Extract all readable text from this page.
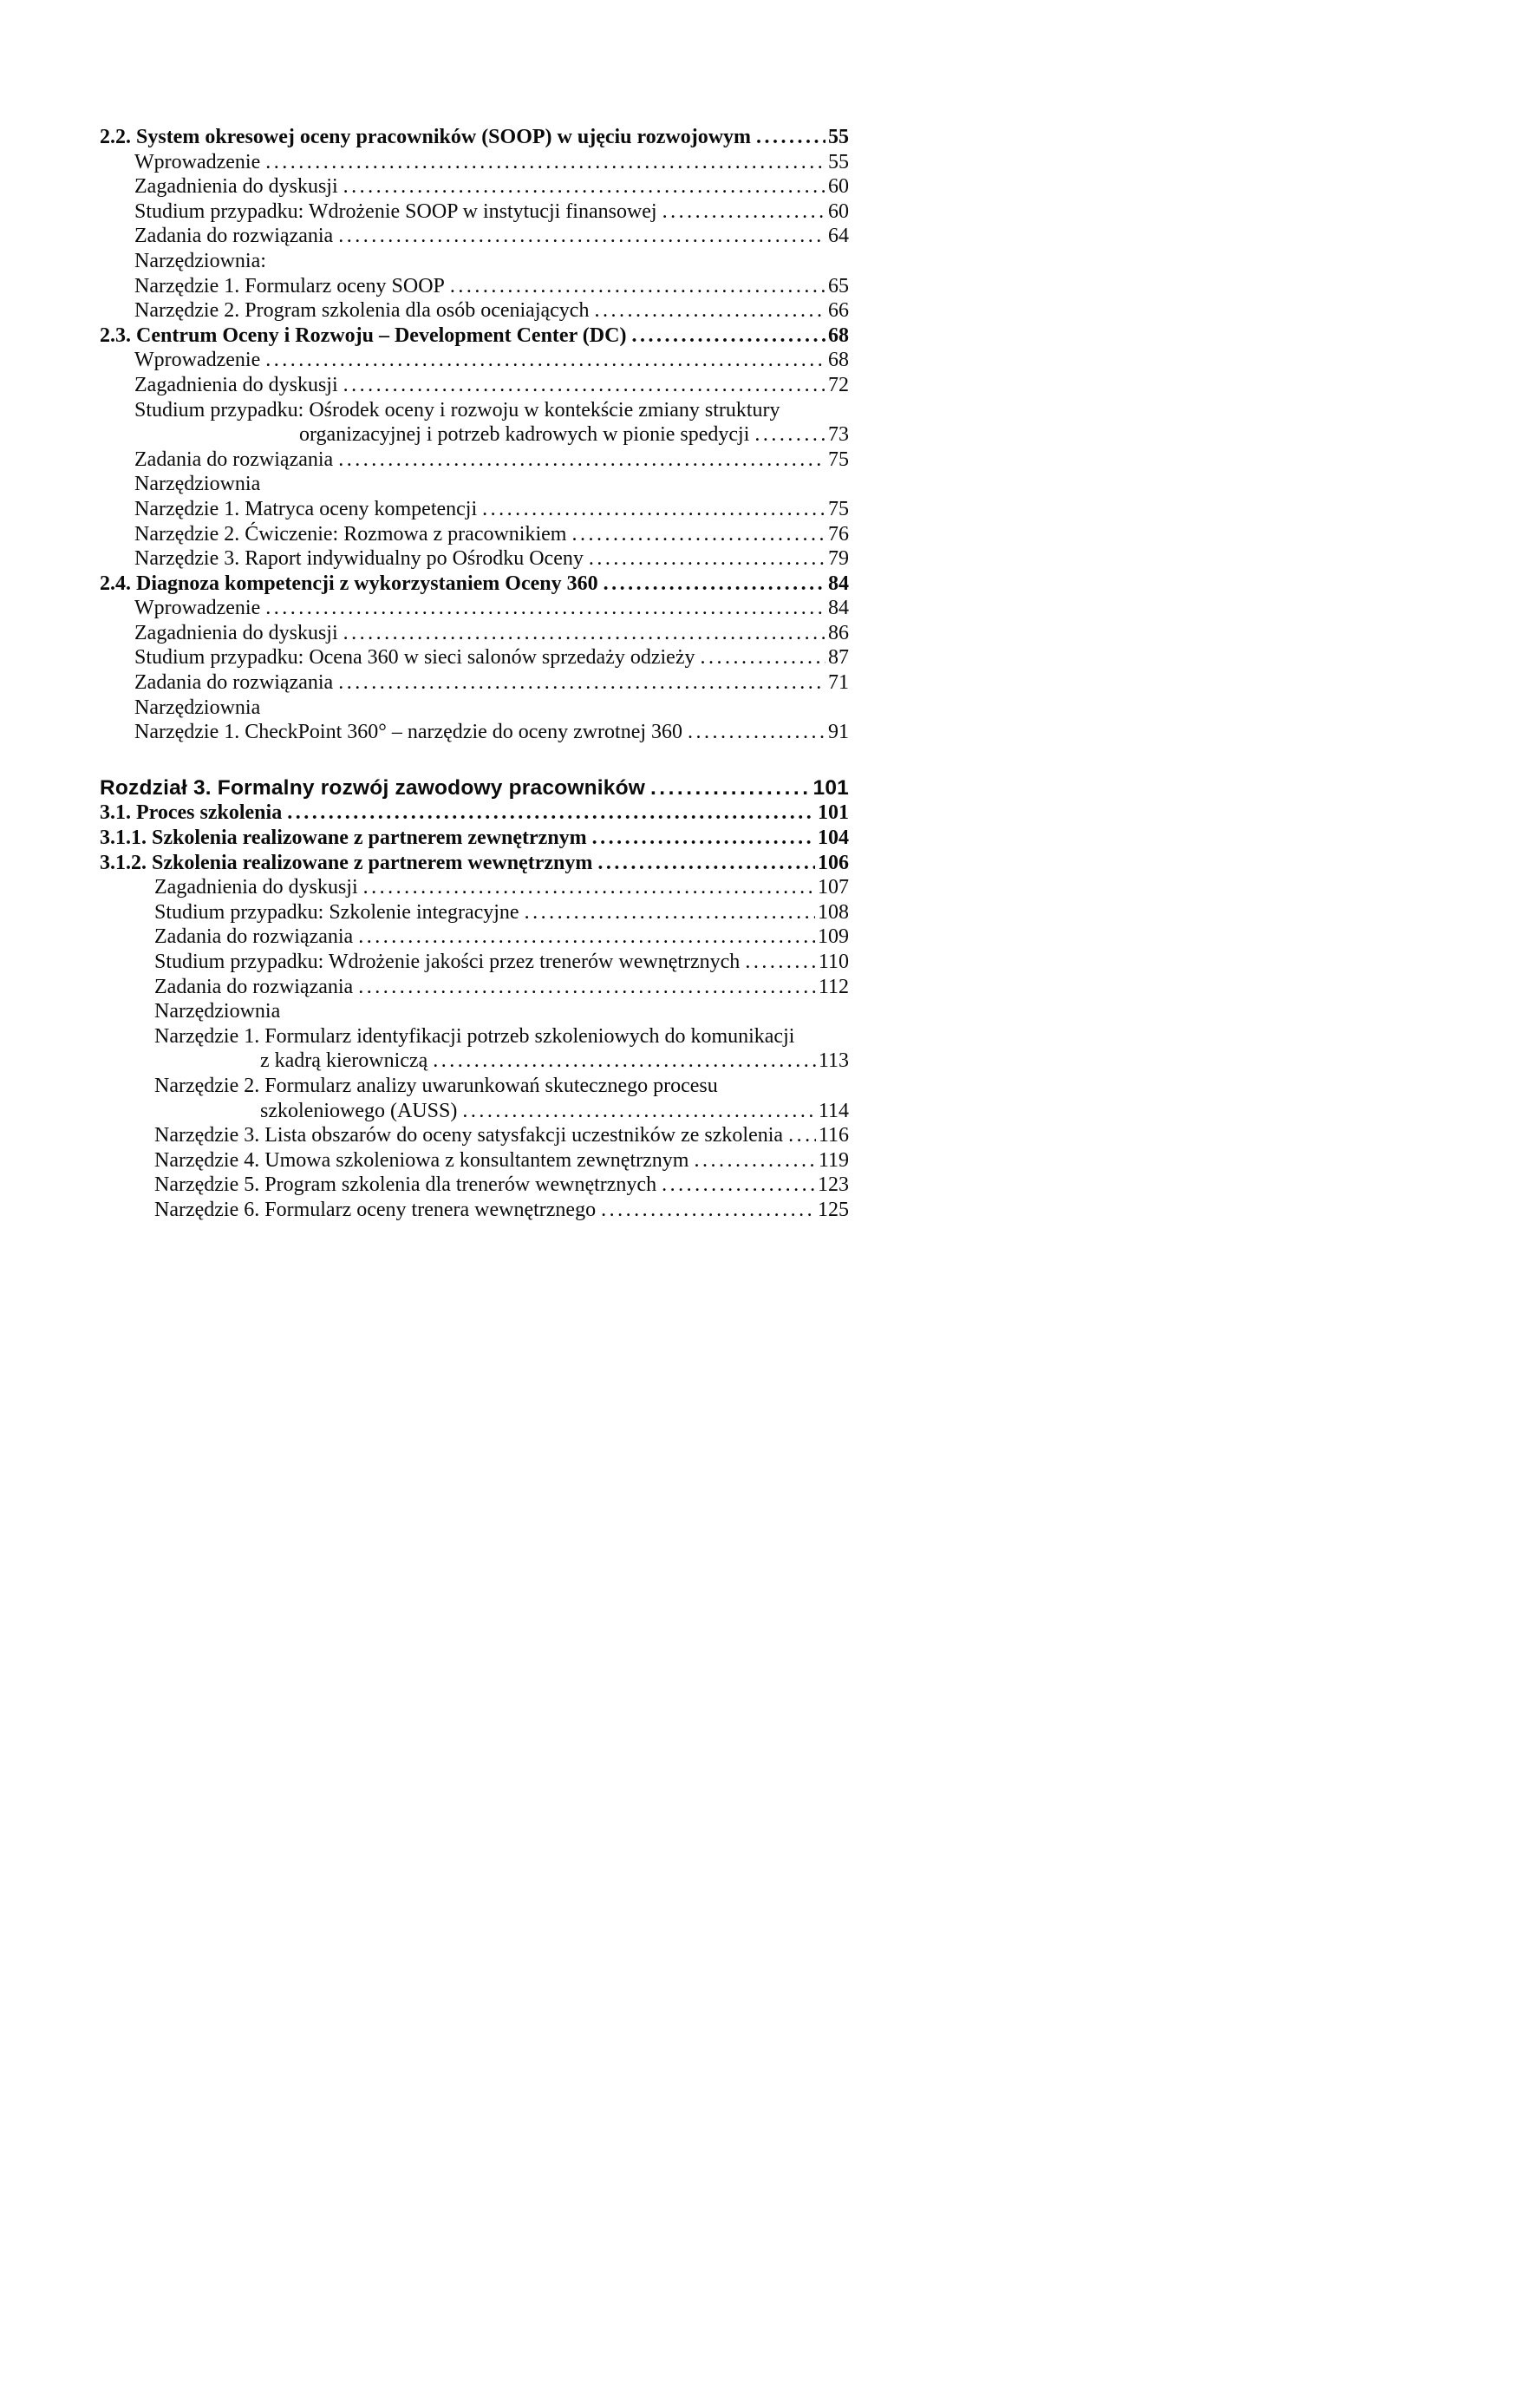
2.2. System okresowej oceny pracowników (SOOP) w ujęciu rozwojowym .....	55
Wprowadzenie .....	55
Zagadnienia do dyskusji .....	60
Studium przypadku: Wdrożenie SOOP w instytucji finansowej .....	60
Zadania do rozwiązania .....	64
Narzędziownia:
Narzędzie 1. Formularz oceny SOOP .....	65
Narzędzie 2. Program szkolenia dla osób oceniających .....	66
2.3. Centrum Oceny i Rozwoju – Development Center (DC) .....	68
Wprowadzenie .....	68
Zagadnienia do dyskusji .....	72
Studium przypadku: Ośrodek oceny i rozwoju w kontekście zmiany struktury
organizacyjnej i potrzeb kadrowych w pionie spedycji .....	73
Zadania do rozwiązania .....	75
Narzędziownia
Narzędzie 1. Matryca oceny kompetencji .....	75
Narzędzie 2. Ćwiczenie: Rozmowa z pracownikiem .....	76
Narzędzie 3. Raport indywidualny po Ośrodku Oceny .....	79
2.4. Diagnoza kompetencji z wykorzystaniem Oceny 360 .....	84
Wprowadzenie .....	84
Zagadnienia do dyskusji .....	86
Studium przypadku: Ocena 360 w sieci salonów sprzedaży odzieży .....	87
Zadania do rozwiązania .....	71
Narzędziownia
Narzędzie 1. CheckPoint 360° – narzędzie do oceny zwrotnej 360 .....	91
Rozdział 3. Formalny rozwój zawodowy pracowników .....	101
3.1. Proces szkolenia .....	101
3.1.1. Szkolenia realizowane z partnerem zewnętrznym .....	104
3.1.2. Szkolenia realizowane z partnerem wewnętrznym .....	106
Zagadnienia do dyskusji .....	107
Studium przypadku: Szkolenie integracyjne .....	108
Zadania do rozwiązania .....	109
Studium przypadku: Wdrożenie jakości przez trenerów wewnętrznych .....	110
Zadania do rozwiązania .....	112
Narzędziownia
Narzędzie 1. Formularz identyfikacji potrzeb szkoleniowych do komunikacji
z kadrą kierowniczą .....	113
Narzędzie 2. Formularz analizy uwarunkowań skutecznego procesu
szkoleniowego (AUSS) .....	114
Narzędzie 3. Lista obszarów do oceny satysfakcji uczestników ze szkolenia ..... 116
Narzędzie 4. Umowa szkoleniowa z konsultantem zewnętrznym .....	119
Narzędzie 5. Program szkolenia dla trenerów wewnętrznych .....	123
Narzędzie 6. Formularz oceny trenera wewnętrznego .....	125
